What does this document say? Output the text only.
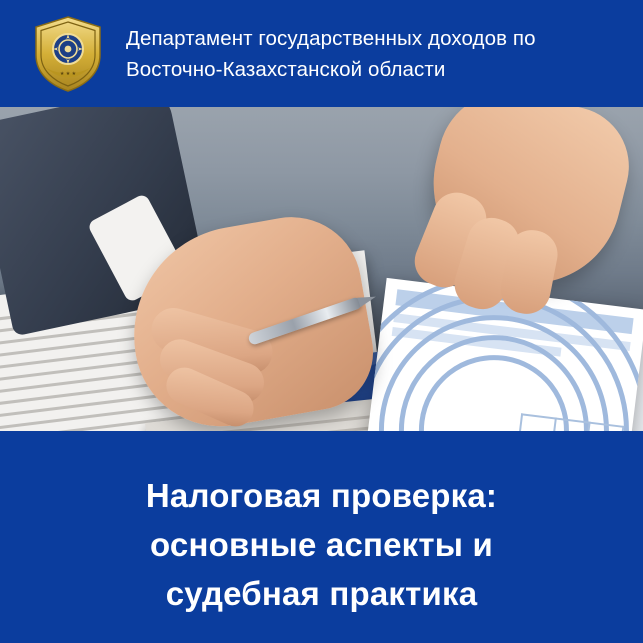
★ ★ ★
Департамент государственных доходов по Восточно-Казахстанской области
Налоговая проверка:
основные аспекты и
судебная практика
